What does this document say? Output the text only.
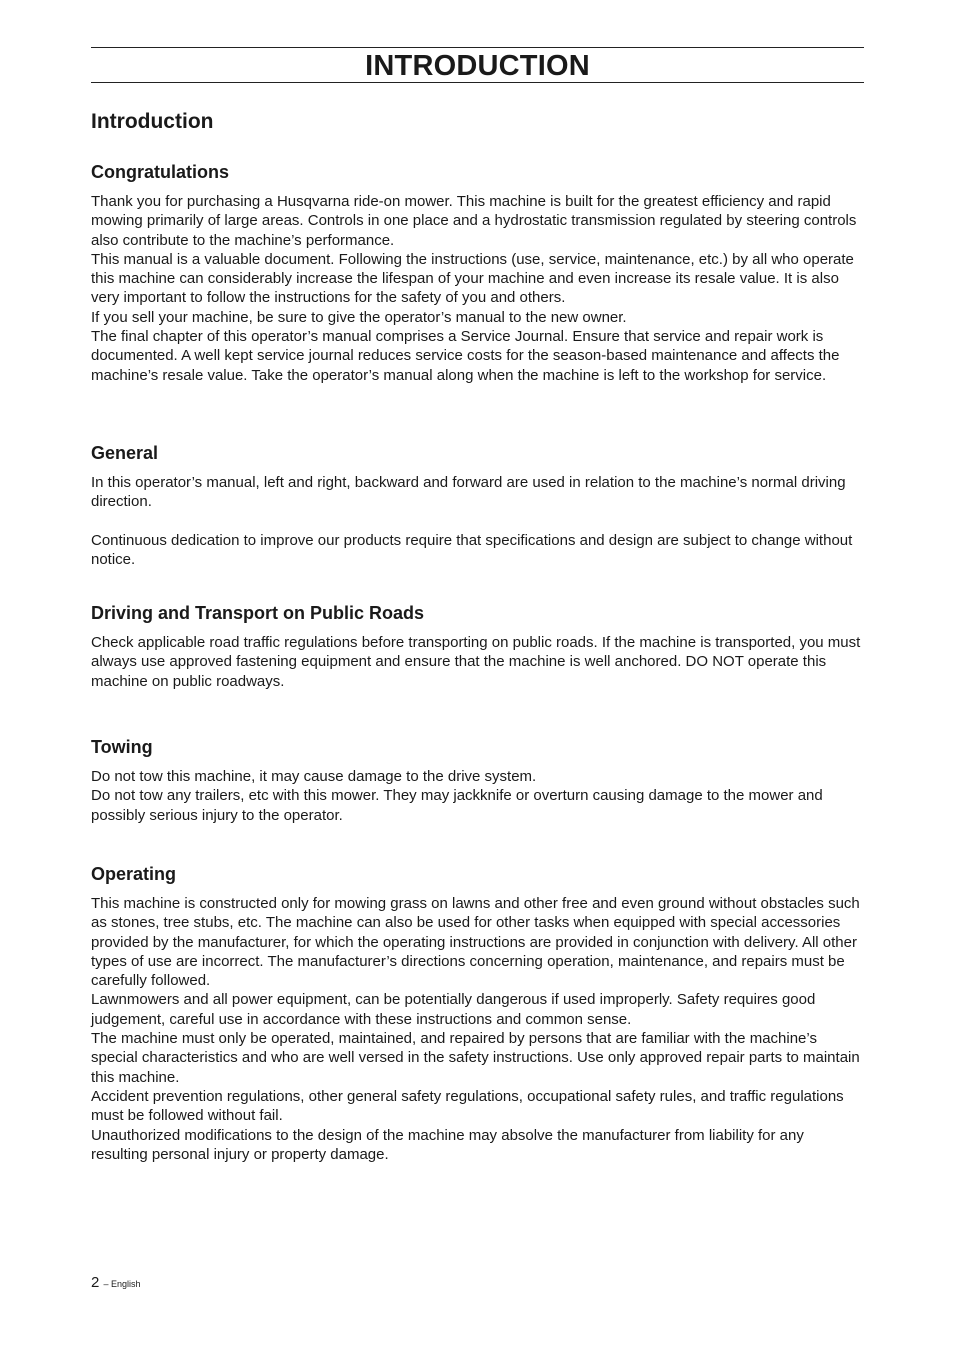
INTRODUCTION
Introduction
Congratulations

Thank you for purchasing a Husqvarna ride-on mower. This machine is built for the greatest efficiency and rapid mowing primarily of large areas. Controls in one place and a hydrostatic transmission regulated by steering controls also contribute to the machine’s performance.

This manual is a valuable document. Following the instructions (use, service, maintenance, etc.) by all who operate this machine can considerably increase the lifespan of your machine and even increase its resale value. It is also very important to follow the instructions for the safety of you and others.

If you sell your machine, be sure to give the operator’s manual to the new owner.

The final chapter of this operator’s manual comprises a Service Journal. Ensure that service and repair work is documented. A well kept service journal reduces service costs for the season-based maintenance and affects the machine’s resale value. Take the operator’s manual along when the machine is left to the workshop for service.

General

In this operator’s manual, left and right, backward and forward are used in relation to the machine’s normal driving direction.

Continuous dedication to improve our products require that specifications and design are subject to change without notice.

Driving and Transport on Public Roads

Check applicable road traffic regulations before transporting on public roads. If the machine is transported, you must always use approved fastening equipment and ensure that the machine is well anchored. DO NOT operate this machine on public roadways.

Towing

Do not tow this machine, it may cause damage to the drive system.

Do not tow any trailers, etc with this mower. They may jackknife or overturn causing damage to the mower and possibly serious injury to the operator.

Operating

This machine is constructed only for mowing grass on lawns and other free and even ground without obstacles such as stones, tree stubs, etc. The machine can also be used for other tasks when equipped with special accessories provided by the manufacturer, for which the operating instructions are provided in conjunction with delivery. All other types of use are incorrect. The manufacturer’s directions concerning operation, maintenance, and repairs must be carefully followed.

Lawnmowers and all power equipment, can be potentially dangerous if used improperly. Safety requires good judgement, careful use in accordance with these instructions and common sense.

The machine must only be operated, maintained, and repaired by persons that are familiar with the machine’s special characteristics and who are well versed in the safety instructions. Use only approved repair parts to maintain this machine.

Accident prevention regulations, other general safety regulations, occupational safety rules, and traffic regulations must be followed without fail.

Unauthorized modifications to the design of the machine may absolve the manufacturer from liability for any resulting personal injury or property damage.

2 – English
